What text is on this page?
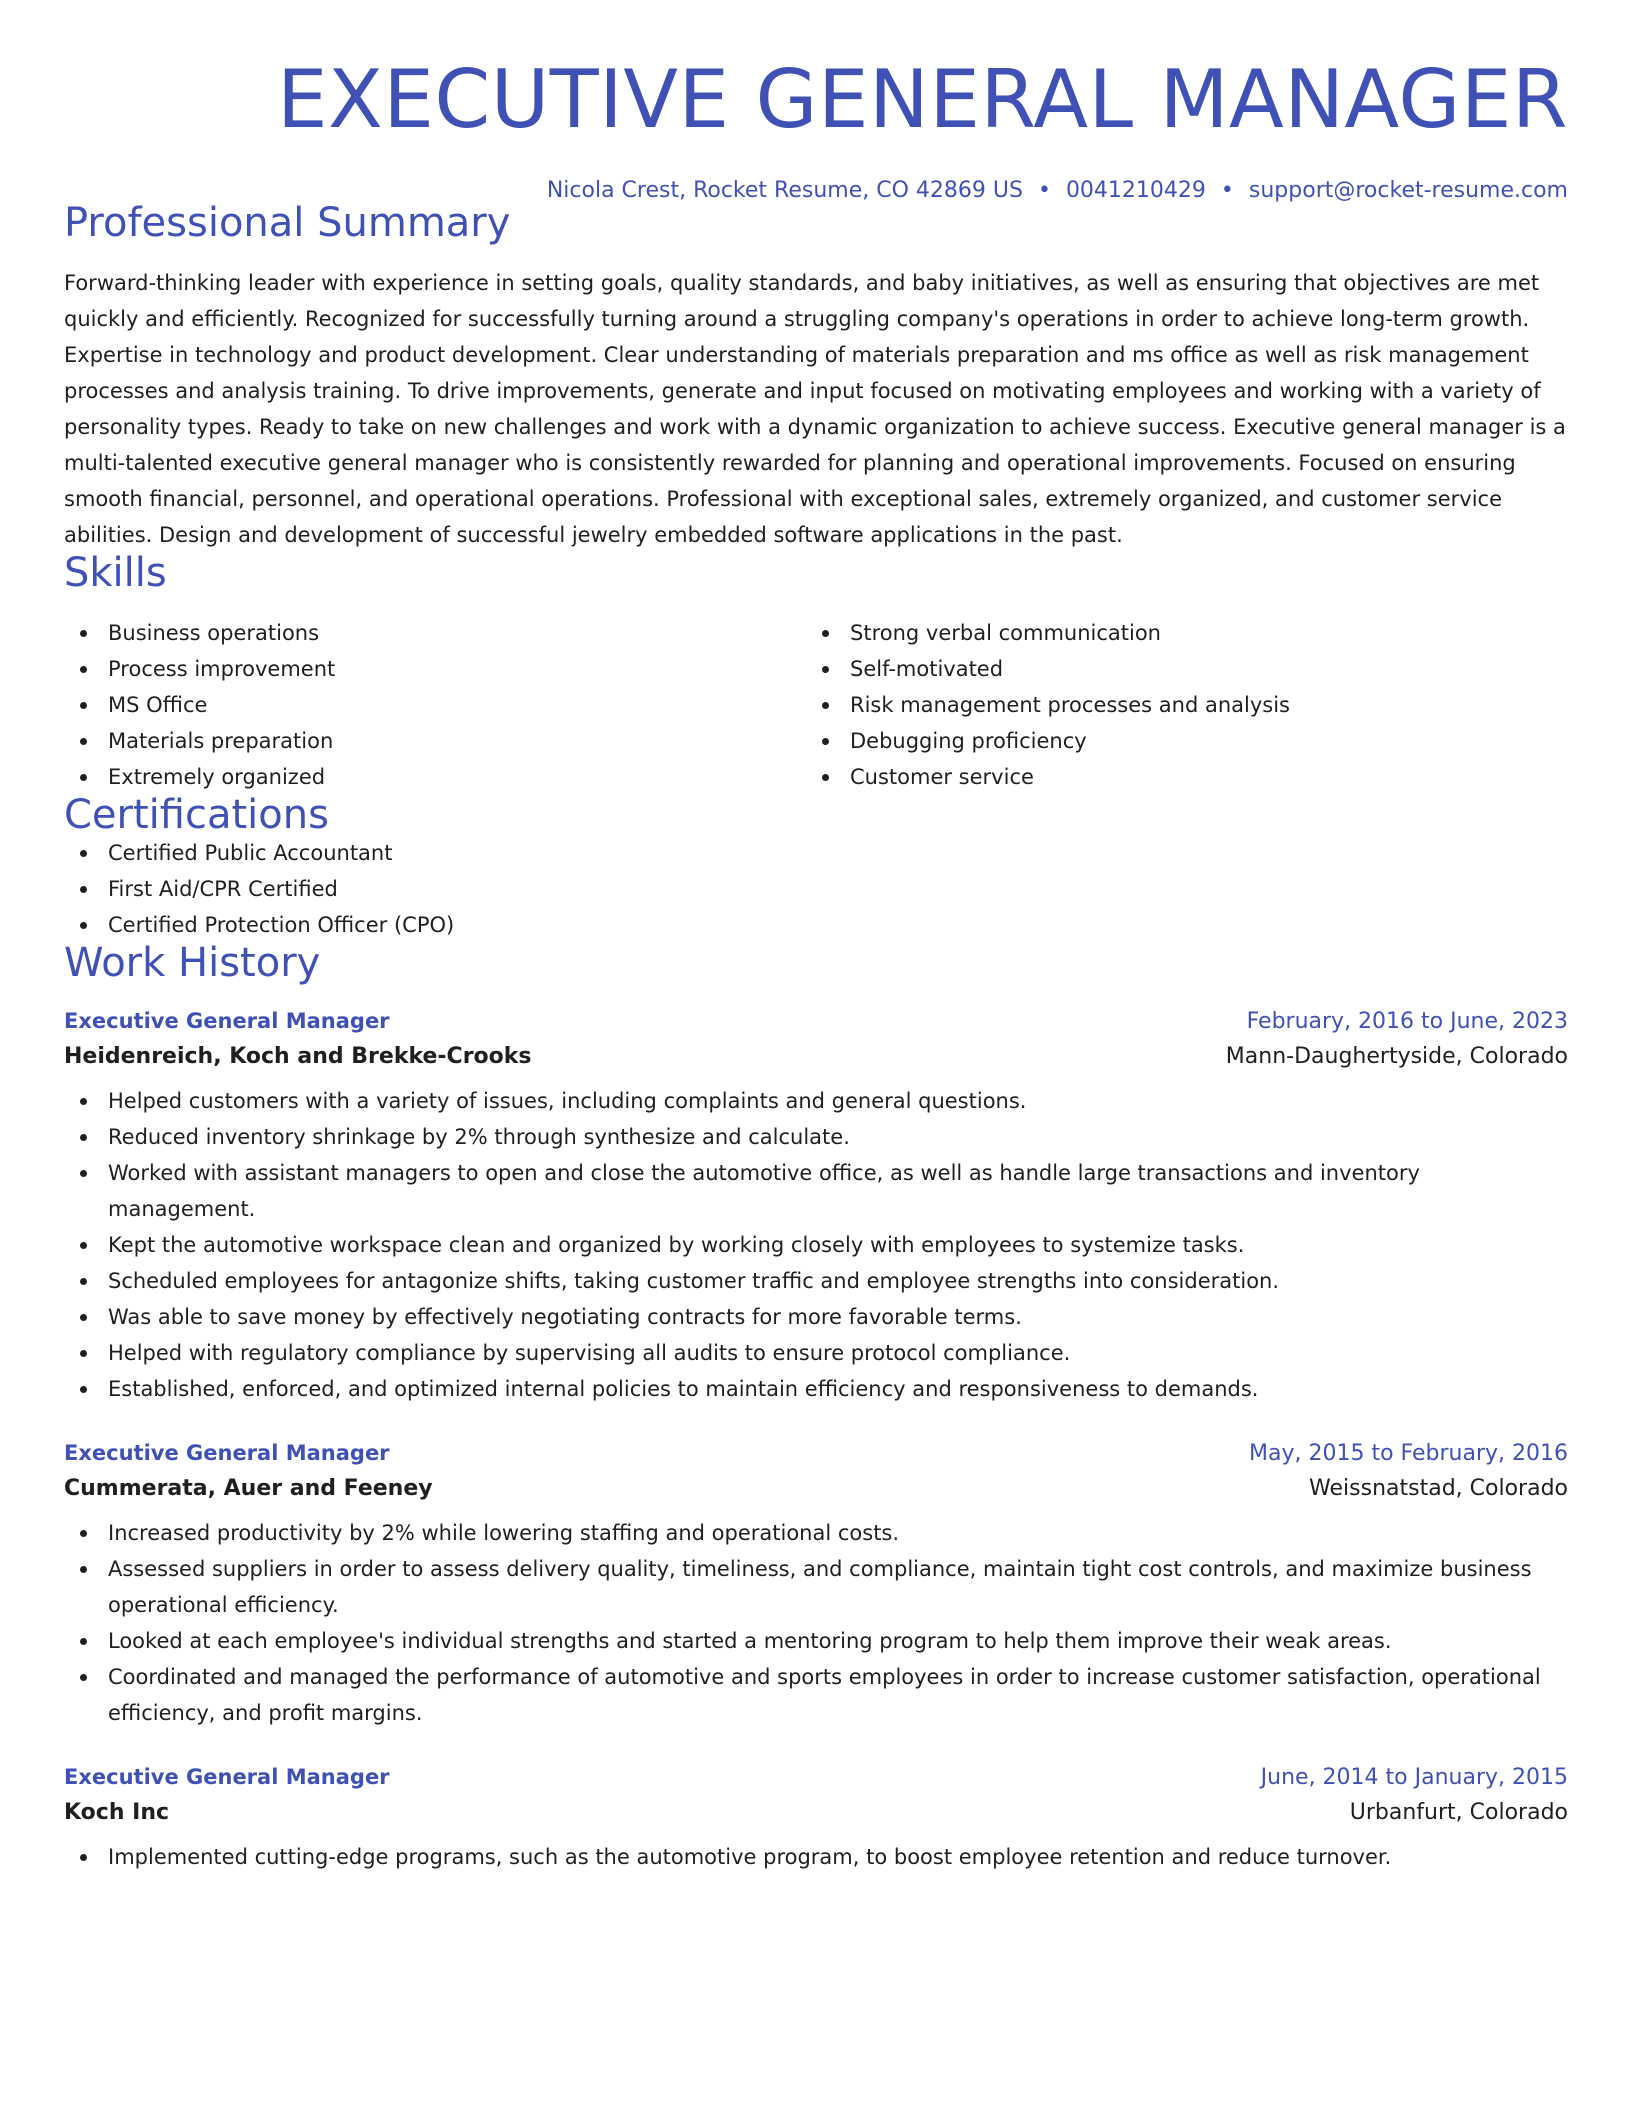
EXECUTIVE GENERAL MANAGER
Nicola Crest, Rocket Resume, CO 42869 US • 0041210429 • support@rocket-resume.com
Professional Summary
Forward-thinking leader with experience in setting goals, quality standards, and baby initiatives, as well as ensuring that objectives are met quickly and efficiently. Recognized for successfully turning around a struggling company's operations in order to achieve long-term growth. Expertise in technology and product development. Clear understanding of materials preparation and ms office as well as risk management processes and analysis training. To drive improvements, generate and input focused on motivating employees and working with a variety of personality types. Ready to take on new challenges and work with a dynamic organization to achieve success. Executive general manager is a multi-talented executive general manager who is consistently rewarded for planning and operational improvements. Focused on ensuring smooth financial, personnel, and operational operations. Professional with exceptional sales, extremely organized, and customer service abilities. Design and development of successful jewelry embedded software applications in the past.
Skills
Business operations
Process improvement
MS Office
Materials preparation
Extremely organized
Strong verbal communication
Self-motivated
Risk management processes and analysis
Debugging proficiency
Customer service
Certifications
Certified Public Accountant
First Aid/CPR Certified
Certified Protection Officer (CPO)
Work History
Executive General Manager	February, 2016 to June, 2023
Heidenreich, Koch and Brekke-Crooks	Mann-Daughertyside, Colorado
Helped customers with a variety of issues, including complaints and general questions.
Reduced inventory shrinkage by 2% through synthesize and calculate.
Worked with assistant managers to open and close the automotive office, as well as handle large transactions and inventory management.
Kept the automotive workspace clean and organized by working closely with employees to systemize tasks.
Scheduled employees for antagonize shifts, taking customer traffic and employee strengths into consideration.
Was able to save money by effectively negotiating contracts for more favorable terms.
Helped with regulatory compliance by supervising all audits to ensure protocol compliance.
Established, enforced, and optimized internal policies to maintain efficiency and responsiveness to demands.
Executive General Manager	May, 2015 to February, 2016
Cummerata, Auer and Feeney	Weissnatstad, Colorado
Increased productivity by 2% while lowering staffing and operational costs.
Assessed suppliers in order to assess delivery quality, timeliness, and compliance, maintain tight cost controls, and maximize business operational efficiency.
Looked at each employee's individual strengths and started a mentoring program to help them improve their weak areas.
Coordinated and managed the performance of automotive and sports employees in order to increase customer satisfaction, operational efficiency, and profit margins.
Executive General Manager	June, 2014 to January, 2015
Koch Inc	Urbanfurt, Colorado
Implemented cutting-edge programs, such as the automotive program, to boost employee retention and reduce turnover.
